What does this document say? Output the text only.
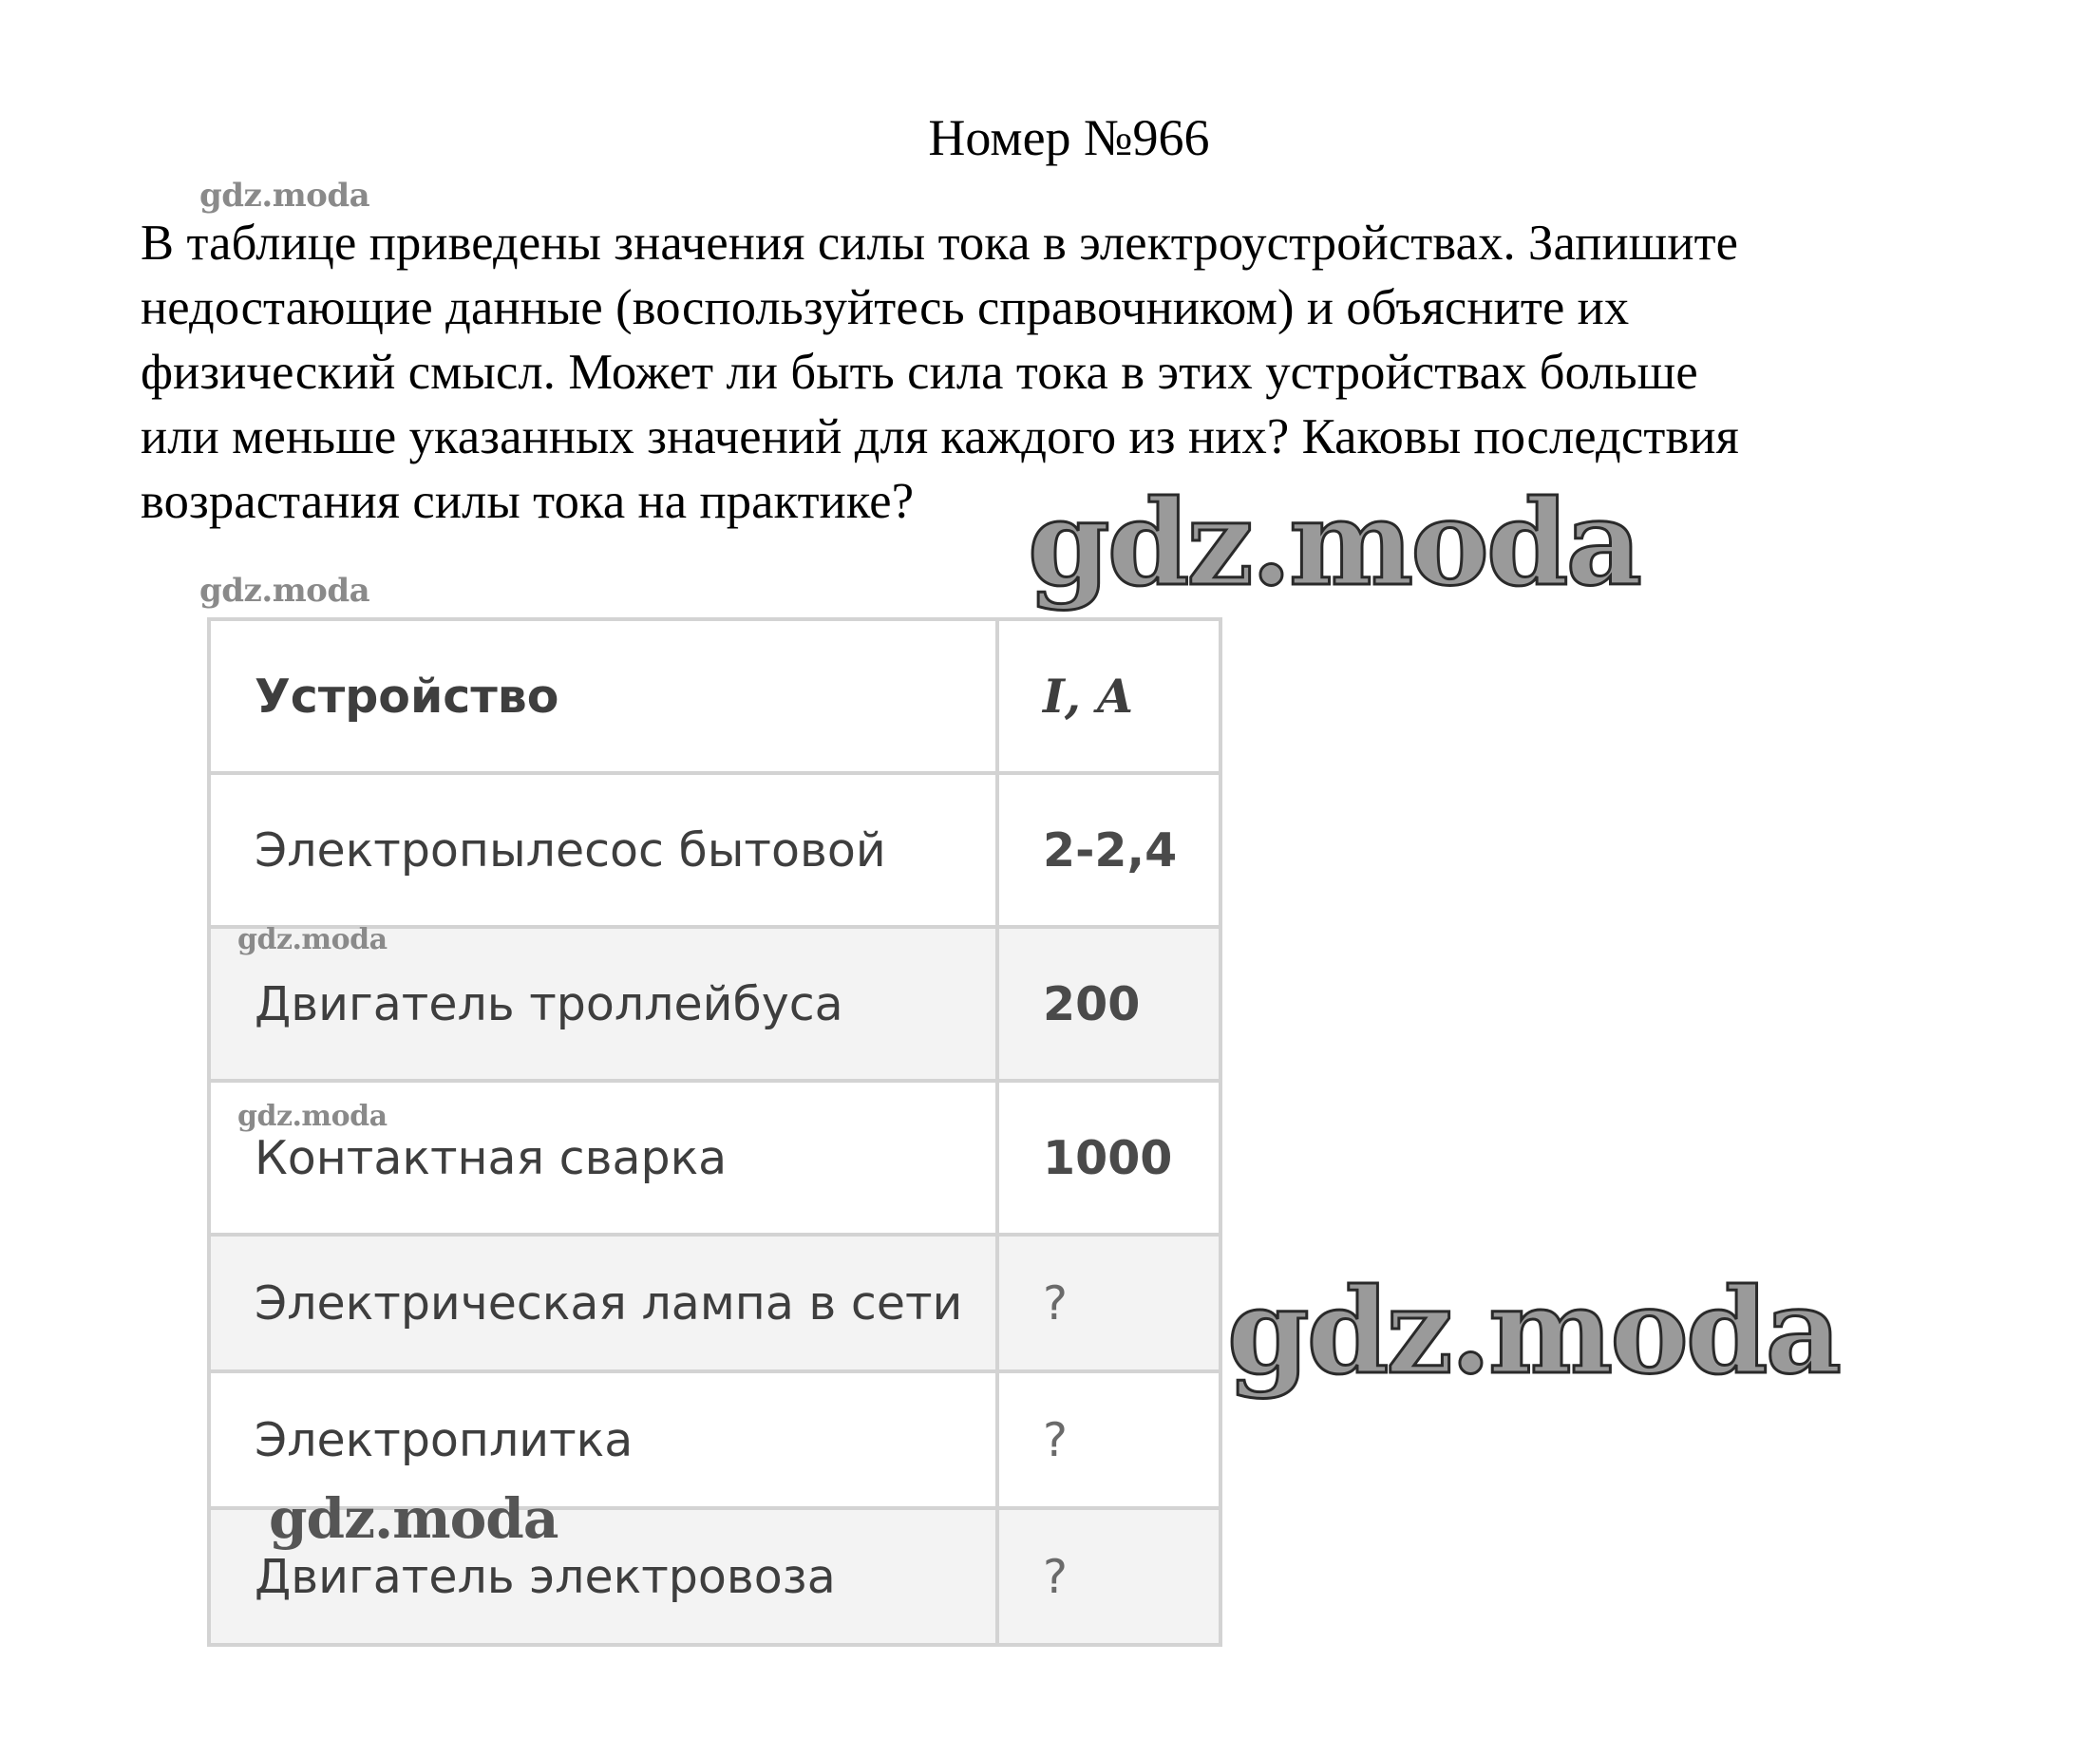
Номер №966
В таблице приведены значения силы тока в электроустройствах. Запишите
недостающие данные (воспользуйтесь справочником) и объясните их
физический смысл. Может ли быть сила тока в этих устройствах больше
или меньше указанных значений для каждого из них? Каковы последствия
возрастания силы тока на практике?
Устройство	I, A
Электропылесос бытовой	2-2,4
Двигатель троллейбуса	200
Контактная сварка	1000
Электрическая лампа в сети	?
Электроплитка	?
Двигатель электровоза	?
gdz.moda
gdz.moda
gdz.moda
gdz.moda
gdz.moda
gdz.moda
gdz.moda
